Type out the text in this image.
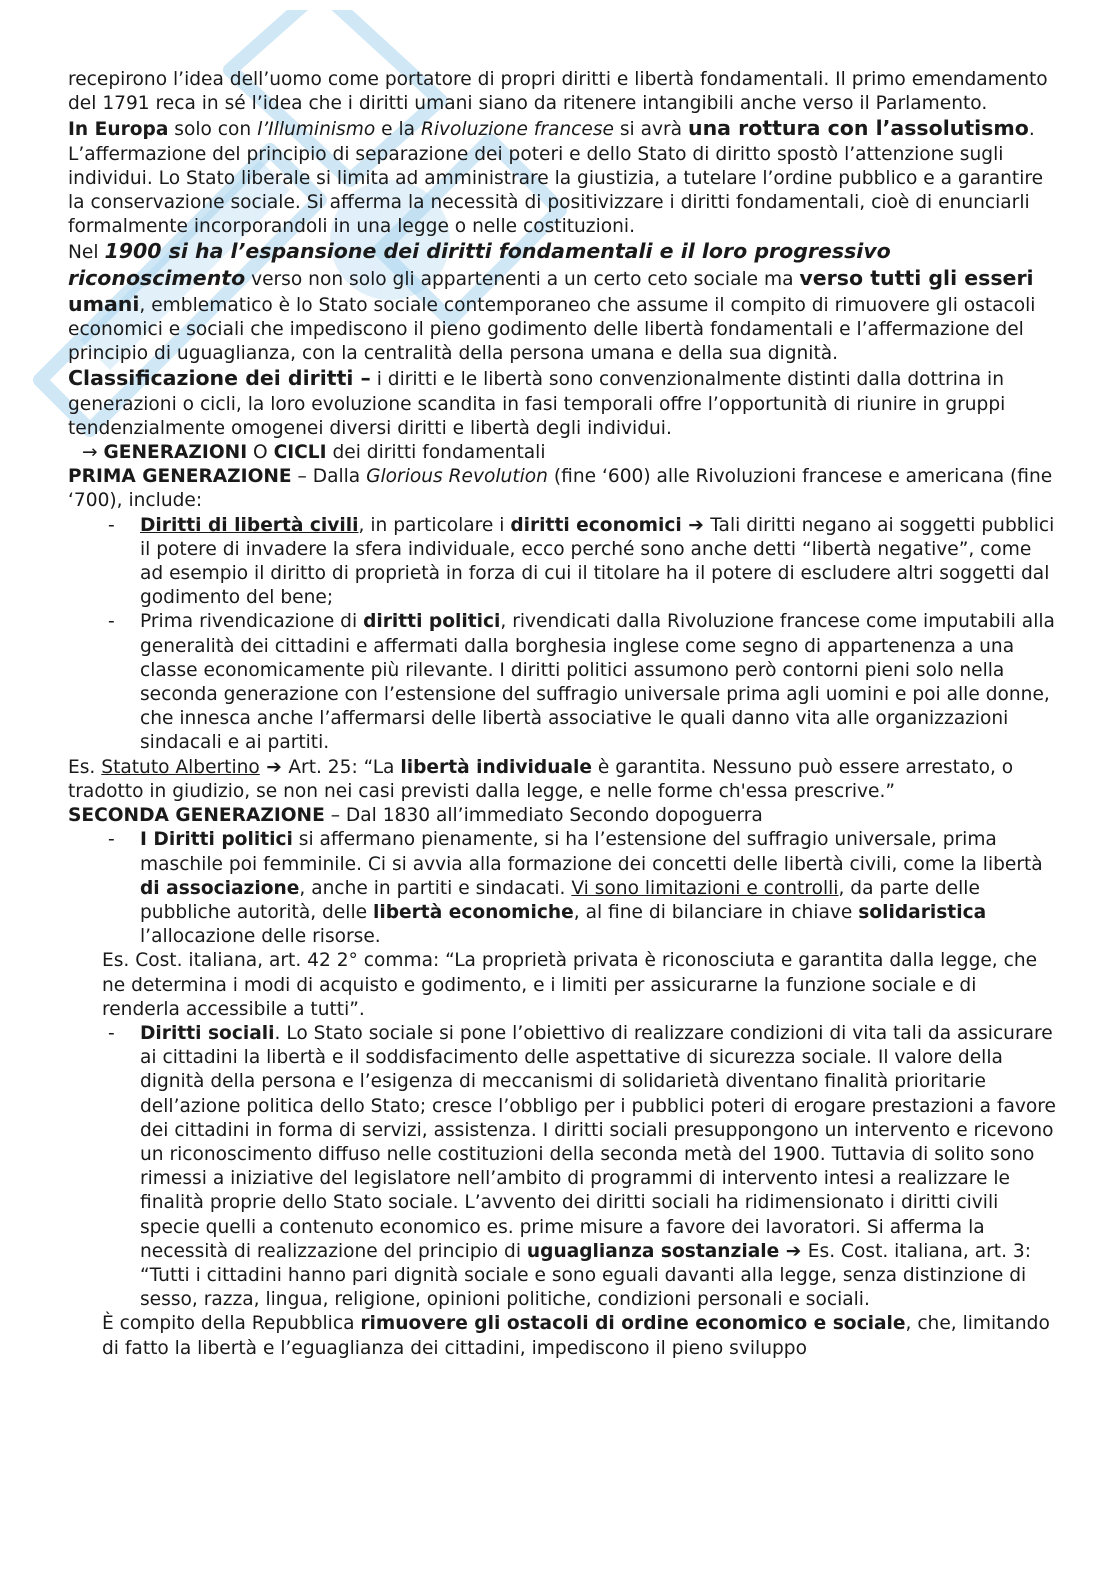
recepirono l’idea dell’uomo come portatore di propri diritti e libertà fondamentali. Il primo emendamento del 1791 reca in sé l’idea che i diritti umani siano da ritenere intangibili anche verso il Parlamento.

In Europa solo con l’Illuminismo e la Rivoluzione francese si avrà una rottura con l’assolutismo. L’affermazione del principio di separazione dei poteri e dello Stato di diritto spostò l’attenzione sugli individui. Lo Stato liberale si limita ad amministrare la giustizia, a tutelare l’ordine pubblico e a garantire la conservazione sociale. Si afferma la necessità di positivizzare i diritti fondamentali, cioè di enunciarli formalmente incorporandoli in una legge o nelle costituzioni.

Nel 1900 si ha l’espansione dei diritti fondamentali e il loro progressivo riconoscimento verso non solo gli appartenenti a un certo ceto sociale ma verso tutti gli esseri umani, emblematico è lo Stato sociale contemporaneo che assume il compito di rimuovere gli ostacoli economici e sociali che impediscono il pieno godimento delle libertà fondamentali e l’affermazione del principio di uguaglianza, con la centralità della persona umana e della sua dignità.

Classificazione dei diritti – i diritti e le libertà sono convenzionalmente distinti dalla dottrina in generazioni o cicli, la loro evoluzione scandita in fasi temporali offre l’opportunità di riunire in gruppi tendenzialmente omogenei diversi diritti e libertà degli individui.

→ GENERAZIONI O CICLI dei diritti fondamentali

PRIMA GENERAZIONE – Dalla Glorious Revolution (fine ‘600) alle Rivoluzioni francese e americana (fine ‘700), include:

- Diritti di libertà civili, in particolare i diritti economici ➔ Tali diritti negano ai soggetti pubblici il potere di invadere la sfera individuale, ecco perché sono anche detti “libertà negative”, come ad esempio il diritto di proprietà in forza di cui il titolare ha il potere di escludere altri soggetti dal godimento del bene;
- Prima rivendicazione di diritti politici, rivendicati dalla Rivoluzione francese come imputabili alla generalità dei cittadini e affermati dalla borghesia inglese come segno di appartenenza a una classe economicamente più rilevante. I diritti politici assumono però contorni pieni solo nella seconda generazione con l’estensione del suffragio universale prima agli uomini e poi alle donne, che innesca anche l’affermarsi delle libertà associative le quali danno vita alle organizzazioni sindacali e ai partiti.

Es. Statuto Albertino ➔ Art. 25: “La libertà individuale è garantita. Nessuno può essere arrestato, o tradotto in giudizio, se non nei casi previsti dalla legge, e nelle forme ch'essa prescrive.”

SECONDA GENERAZIONE – Dal 1830 all’immediato Secondo dopoguerra

- I Diritti politici si affermano pienamente, si ha l’estensione del suffragio universale, prima maschile poi femminile. Ci si avvia alla formazione dei concetti delle libertà civili, come la libertà di associazione, anche in partiti e sindacati. Vi sono limitazioni e controlli, da parte delle pubbliche autorità, delle libertà economiche, al fine di bilanciare in chiave solidaristica l’allocazione delle risorse.

Es. Cost. italiana, art. 42 2° comma: “La proprietà privata è riconosciuta e garantita dalla legge, che ne determina i modi di acquisto e godimento, e i limiti per assicurarne la funzione sociale e di renderla accessibile a tutti”.

- Diritti sociali. Lo Stato sociale si pone l’obiettivo di realizzare condizioni di vita tali da assicurare ai cittadini la libertà e il soddisfacimento delle aspettative di sicurezza sociale. Il valore della dignità della persona e l’esigenza di meccanismi di solidarietà diventano finalità prioritarie dell’azione politica dello Stato; cresce l’obbligo per i pubblici poteri di erogare prestazioni a favore dei cittadini in forma di servizi, assistenza. I diritti sociali presuppongono un intervento e ricevono un riconoscimento diffuso nelle costituzioni della seconda metà del 1900. Tuttavia di solito sono rimessi a iniziative del legislatore nell’ambito di programmi di intervento intesi a realizzare le finalità proprie dello Stato sociale. L’avvento dei diritti sociali ha ridimensionato i diritti civili specie quelli a contenuto economico es. prime misure a favore dei lavoratori. Si afferma la necessità di realizzazione del principio di uguaglianza sostanziale ➔ Es. Cost. italiana, art. 3: “Tutti i cittadini hanno pari dignità sociale e sono eguali davanti alla legge, senza distinzione di sesso, razza, lingua, religione, opinioni politiche, condizioni personali e sociali.

È compito della Repubblica rimuovere gli ostacoli di ordine economico e sociale, che, limitando di fatto la libertà e l’eguaglianza dei cittadini, impediscono il pieno sviluppo
